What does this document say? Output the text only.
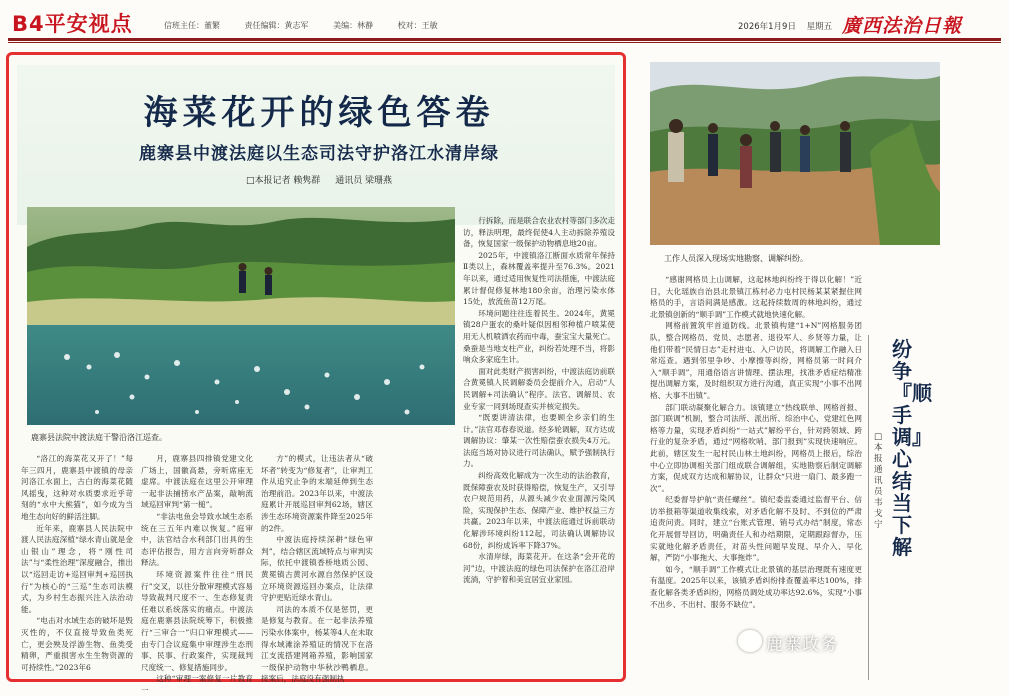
B4平安视点	信班主任：董繁	责任编辑：黄志军	美编：林静	校对：王敏	2026年1月9日 星期五 廣西法治日報
海菜花开的绿色答卷
鹿寨县中渡法庭以生态司法守护洛江水清岸绿
□本报记者 赖隽群 通讯员 梁珊燕
鹿寨县法院中渡法庭干警沿洛江巡查。

“洛江的海菜花又开了！”每年三四月，鹿寨县中渡镇的母亲河洛江水面上，古白的海菜花随风摇曳，这种对水质要求近乎苛刻的“水中大熊猫”，如今成为当地生态向好的鲜活注脚。

近年来，鹿寨县人民法院中渡人民法庭深植“绿水青山就是金山银山”理念，将“刚性司法”与“柔性治理”深度融合，推出以“巡回走访+巡回审判+巡回执行”为核心的“三巡”生态司法模式，为乡村生态振兴注入法治动能。

“电击对水域生态的破坏是毁灭性的，不仅直接导致鱼类死亡，更会殃及浮游生物、鱼类受精卵，严重损害水生生物资源的可持续性。”2023年6

月，鹿寨县四排镇党建文化广场上，国徽高悬，旁听席座无虚席。中渡法庭在这里公开审理一起非法捕捞水产品案，敲响流域巡回审判“第一槌”。

“非法电鱼会导致水域生态系统在三五年内难以恢复。”庭审中，法官结合水利部门出具的生态评估报告，用方言向旁听群众释法。

环境资源案件往往“刑民行”交叉，以往分散审理模式容易导致裁判尺度不一、生态修复责任难以系统落实的痛点。中渡法庭在鹿寨县法院统筹下，积极推行“三审合一”归口审理模式——由专门合议庭集中审理涉生态刑事、民事、行政案件，实现裁判尺度统一、修复措施同步。

这种“审理一案修复一片教育一

方”的模式，让违法者从“破坏者”转变为“修复者”，让审判工作从追究止争的末端延伸到生态治理前沿。2023年以来，中渡法庭累计开展巡回审判62场，辖区涉生态环境资源案件降至2025年的2件。

中渡法庭持续深耕“绿色审判”，结合辖区流域特点与审判实际，依托中渡镇香桥地质公园、黄冕镇古黄河水源自然保护区设立环境资源巡回办案点，让法律守护更贴近绿水青山。

司法的本质不仅是惩罚，更是修复与教育。在一起非法养殖污染水体案中，杨某等4人在未取得水域滩涂养殖证的情况下在洛江支流搭建网箱养殖，影响国家一级保护动物中华秋沙鸭栖息。接案后，法庭没有强制执

行拆除，而是联合农业农村等部门多次走访，释法明理，最终促使4人主动拆除养殖设备，恢复国家一级保护动物栖息地20亩。

2025年，中渡镇洛江断面水质常年保持Ⅱ类以上，森林覆盖率提升至76.3%。2021年以来，通过适用恢复性司法措施，中渡法庭累计督促修复林地180余亩，治理污染水体15处，放流鱼苗12万尾。

环境问题往往连着民生。2024年，黄冕镇28户蛋农的桑叶疑似因相邻种植户喷某使用无人机喷洒农药而中毒，蚕宝宝大量死亡。桑蚕是当地支柱产业，纠纷若处理不当，将影响众多家庭生计。

面对此类财产损害纠纷，中渡法庭访前联合黄冕镇人民调解委员会提前介入，启动“人民调解+司法确认”程序。法官、调解员、农业专家一同到场现查实并核定损失。

“既要讲清法律，也要顾全乡亲们的生计。”法官邓春春说道。经多轮调解，双方达成调解协议：肇某一次性赔偿蚕农损失4万元。法庭当场对协议进行司法确认，赋予强制执行力。

纠纷高效化解成为一次生动的法治教育，既保障蚕农及时获得赔偿，恢复生产，又引导农户规范用药，从源头减少农业面源污染风险，实现保护生态、保障产业、维护权益三方共赢。2023年以来，中渡法庭通过诉前联动化解涉环境纠纷112起，司法确认调解协议68份，纠纷成诉率下降37%。

水清岸绿，海菜花开。在这条“会开花的河”边，中渡法庭的绿色司法保护在洛江沿岸流淌，守护着和美宜居宜业家园。

工作人员深入现场实地勘察、调解纠纷。

“感谢网格员上山调解，这起林地纠纷终于得以化解！”近日，大化瑶族自治县北景镇江栋村必力屯村民杨某某紧握住网格员的手，言语间满是感激。这起持续数周的林地纠纷，通过北景镇创新的“顺手调”工作模式就地快速化解。

网格前置筑牢首道防线。北景镇构建“1+N”网格服务团队，整合网格员、党员、志愿者、退役军人、乡贤等力量，让他们带着“民情日志”走村进屯、入户访民，将调解工作融入日常巡查。遇到邻里争吵、小摩擦等纠纷，网格员第一时间介入“顺手调”，用通俗语言讲情理、摆法理，找准矛盾症结精准提出调解方案，及时组织双方进行沟通，真正实现“小事不出网格、大事不出镇”。

部门联动凝聚化解合力。该镇建立“热线联单、网格首报、部门联调”机制，整合司法所、派出所、综治中心、党建红色网格等力量，实现矛盾纠纷“一站式”解纷平台，针对跨领域、跨行业的复杂矛盾，通过“网格吹哨、部门报到”实现快速响应。此前，辖区发生一起村民山林土地纠纷，网格员上报后，综治中心立即协调相关部门组成联合调解组，实地勘察后制定调解方案，促成双方达成和解协议，让群众“只进一扇门、最多跑一次”。

纪委督导护航“责任螺丝”。镇纪委监委通过监督平台、信访举报箱等渠道收集线索，对矛盾化解不及时、不到位的严肃追责问责。同时，建立“台账式管理、销号式办结”制度，常态化开展督导回访，明确责任人和办结期限，定期跟踪督办，压实就地化解矛盾责任，对苗头性问题早发现、早介入、早化解，严防“小事拖大、大事拖炸”。

如今，“顺手调”工作模式让北景镇的基层治理既有速度更有温度。2025年以来，该镇矛盾纠纷排查覆盖率达100%，排查化解各类矛盾纠纷，网格员调处成功率达92.6%，实现“小事不出乡、不出村、服务不缺位”。

□本报通讯员 韦戈宁
纷争『顺手调』心结当下解
鹿寨政务
